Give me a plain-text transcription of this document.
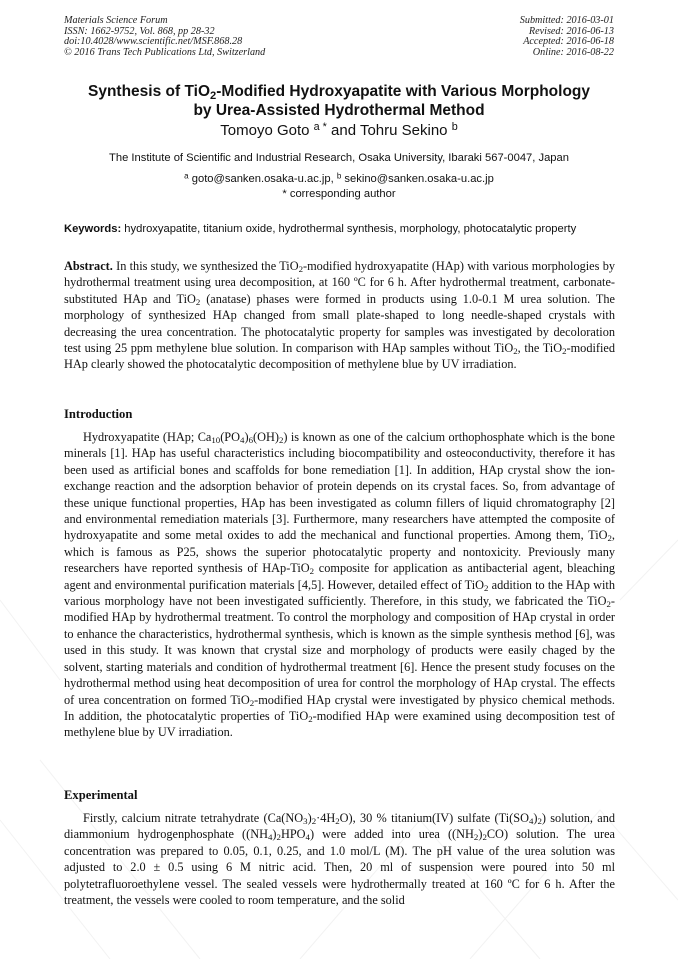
Materials Science Forum
ISSN: 1662-9752, Vol. 868, pp 28-32
doi:10.4028/www.scientific.net/MSF.868.28
© 2016 Trans Tech Publications Ltd, Switzerland
Submitted: 2016-03-01
Revised: 2016-06-13
Accepted: 2016-06-18
Online: 2016-08-22
Synthesis of TiO$_2$-Modified Hydroxyapatite with Various Morphology
by Urea-Assisted Hydrothermal Method
Tomoyo Goto $^{a *}$ and Tohru Sekino $^b$
The Institute of Scientific and Industrial Research, Osaka University, Ibaraki 567-0047, Japan
$^a$ goto@sanken.osaka-u.ac.jp, $^b$ sekino@sanken.osaka-u.ac.jp
* corresponding author
Keywords: hydroxyapatite, titanium oxide, hydrothermal synthesis, morphology, photocatalytic property
Abstract. In this study, we synthesized the TiO$_2$-modified hydroxyapatite (HAp) with various morphologies by hydrothermal treatment using urea decomposition, at 160 ºC for 6 h. After hydrothermal treatment, carbonate-substituted HAp and TiO$_2$ (anatase) phases were formed in products using 1.0-0.1 M urea solution. The morphology of synthesized HAp changed from small plate-shaped to long needle-shaped crystals with decreasing the urea concentration. The photocatalytic property for samples was investigated by decoloration test using 25 ppm methylene blue solution. In comparison with HAp samples without TiO$_2$, the TiO$_2$-modified HAp clearly showed the photocatalytic decomposition of methylene blue by UV irradiation.
Introduction
Hydroxyapatite (HAp; $Ca_{10}(PO_4)_6(OH)_2$) is known as one of the calcium orthophosphate which is the bone minerals [1]. HAp has useful characteristics including biocompatibility and osteoconductivity, therefore it has been used as artificial bones and scaffolds for bone remediation [1]. In addition, HAp crystal show the ion-exchange reaction and the adsorption behavior of protein depends on its crystal faces. So, from advantage of these unique functional properties, HAp has been investigated as column fillers of liquid chromatography [2] and environmental remediation materials [3]. Furthermore, many researchers have attempted the composite of hydroxyapatite and some metal oxides to add the mechanical and functional properties. Among them, TiO$_2$, which is famous as P25, shows the superior photocatalytic property and nontoxicity. Previously many researchers have reported synthesis of HAp-TiO$_2$ composite for application as antibacterial agent, bleaching agent and environmental purification materials [4,5]. However, detailed effect of TiO$_2$ addition to the HAp with various morphology have not been investigated sufficiently. Therefore, in this study, we fabricated the TiO$_2$-modified HAp by hydrothermal treatment. To control the morphology and composition of HAp crystal in order to enhance the characteristics, hydrothermal synthesis, which is known as the simple synthesis method [6], was used in this study. It was known that crystal size and morphology of products were easily chaged by the solvent, starting materials and condition of hydrothermal treatment [6]. Hence the present study focuses on the hydrothermal method using heat decomposition of urea for control the morphology of HAp crystal. The effects of urea concentration on formed TiO$_2$-modified HAp crystal were investigated by physico chemical methods. In addition, the photocatalytic properties of TiO$_2$-modified HAp were examined using decomposition test of methylene blue by UV irradiation.
Experimental
Firstly, calcium nitrate tetrahydrate $(Ca(NO_3)_2\cdot 4H_2O)$, 30 % titanium(IV) sulfate $(Ti(SO_4)_2)$ solution, and diammonium hydrogenphosphate $((NH_4)_2HPO_4)$ were added into urea $((NH_2)_2CO)$ solution. The urea concentration was prepared to 0.05, 0.1, 0.25, and 1.0 mol/L (M). The pH value of the urea solution was adjusted to 2.0 ± 0.5 using 6 M nitric acid. Then, 20 ml of suspension were poured into 50 ml polytetrafluoroethylene vessel. The sealed vessels were hydrothermally treated at 160 ºC for 6 h. After the treatment, the vessels were cooled to room temperature, and the solid
